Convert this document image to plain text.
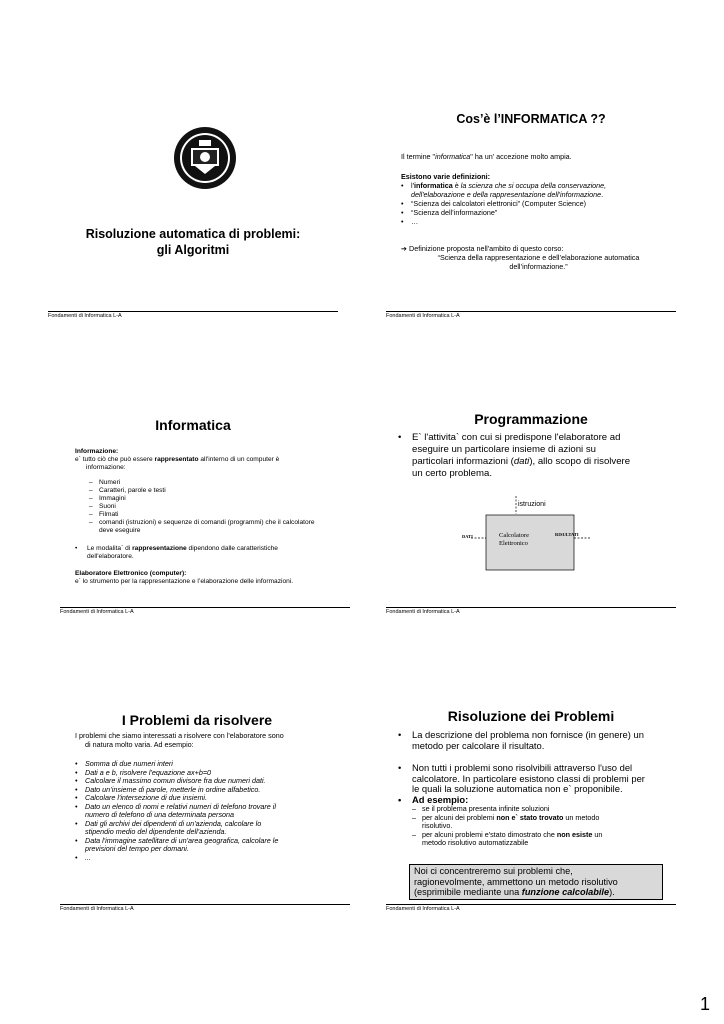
Risoluzione automatica di problemi:
gli Algoritmi
Fondamenti di Informatica L-A
Cos’è l’INFORMATICA ??
Il termine "informatica" ha un' accezione molto ampia.
Esistono varie definizioni:
• l'informatica è la scienza che si occupa della conservazione,
dell'elaborazione e della rappresentazione dell'informazione.
• “Scienza dei calcolatori elettronici” (Computer Science)
• “Scienza dell’informazione”
• …
➔ Definizione proposta nell'ambito di questo corso:
“Scienza della rappresentazione e dell’elaborazione automatica
dell’informazione.”
Fondamenti di Informatica L-A
Informatica
Informazione:
e` tutto ciò che può essere rappresentato all'interno di un computer è
informazione:
– Numeri
– Caratteri, parole e testi
– Immagini
– Suoni
– Filmati
– comandi (istruzioni) e sequenze di comandi (programmi) che il calcolatore
deve eseguire
• Le modalita` di rappresentazione dipendono dalle caratteristiche
dell'elaboratore.
Elaboratore Elettronico (computer):
e` lo strumento per la rappresentazione e l’elaborazione delle informazioni.
Fondamenti di Informatica L-A
Programmazione
• E` l'attivita` con cui si predispone l'elaboratore ad
eseguire un particolare insieme di azioni su
particolari informazioni (dati), allo scopo di risolvere
un certo problema.
istruzioni
DATI	Calcolatore
Elettronico
RISULTATI
Fondamenti di Informatica L-A
I Problemi da risolvere
I problemi che siamo interessati a risolvere con l'elaboratore sono
di natura molto varia. Ad esempio:
• Somma di due numeri interi
• Dati a e b, risolvere l'equazione ax+b=0
• Calcolare il massimo comun divisore fra due numeri dati.
• Dato un’insieme di parole, metterle in ordine alfabetico.
• Calcolare l'intersezione di due insiemi.
• Dato un elenco di nomi e relativi numeri di telefono trovare il
numero di telefono di una determinata persona
• Dati gli archivi dei dipendenti di un’azienda, calcolare lo
stipendio medio del dipendente dell’azienda.
• Data l'immagine satellitare di un'area geografica, calcolare le
previsioni del tempo per domani.
• ...
Fondamenti di Informatica L-A
Risoluzione dei Problemi
• La descrizione del problema non fornisce (in genere) un
metodo per calcolare il risultato.
• Non tutti i problemi sono risolvibili attraverso l'uso del
calcolatore. In particolare esistono classi di problemi per
le quali la soluzione automatica non e` proponibile.
• Ad esempio:
– se il problema presenta infinite soluzioni
– per alcuni dei problemi non e` stato trovato un metodo
risolutivo.
– per alcuni problemi e'stato dimostrato che non esiste un
metodo risolutivo automatizzabile
Noi ci concentreremo sui problemi che,
ragionevolmente, ammettono un metodo risolutivo
(esprimibile mediante una funzione calcolabile).
Fondamenti di Informatica L-A
1
